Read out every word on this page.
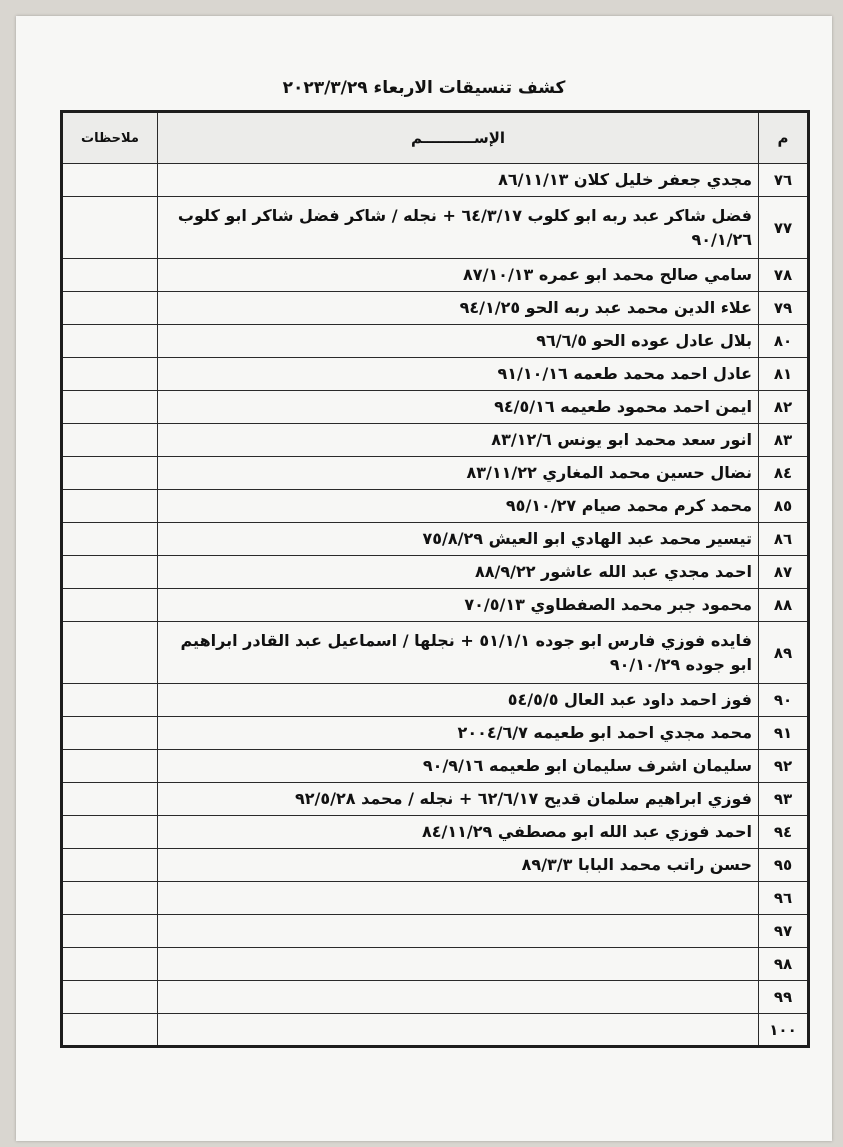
كشف تنسيقات الاربعاء ٢٠٢٣/٣/٢٩
م	الإســــــــــم	ملاحظات
٧٦	مجدي جعفر خليل كلان ٨٦/١١/١٣	
٧٧	فضل شاكر عبد ربه ابو كلوب ٦٤/٣/١٧ + نجله / شاكر فضل شاكر ابو كلوب ٩٠/١/٢٦	
٧٨	سامي صالح محمد ابو عمره ٨٧/١٠/١٣	
٧٩	علاء الدين محمد عبد ربه الحو ٩٤/١/٢٥	
٨٠	بلال عادل عوده الحو ٩٦/٦/٥	
٨١	عادل احمد محمد طعمه ٩١/١٠/١٦	
٨٢	ايمن احمد محمود طعيمه ٩٤/٥/١٦	
٨٣	انور سعد محمد ابو يونس ٨٣/١٢/٦	
٨٤	نضال حسين محمد المغاري ٨٣/١١/٢٢	
٨٥	محمد كرم محمد صيام ٩٥/١٠/٢٧	
٨٦	تيسير محمد عبد الهادي ابو العيش ٧٥/٨/٢٩	
٨٧	احمد مجدي عبد الله عاشور ٨٨/٩/٢٢	
٨٨	محمود جبر محمد الصفطاوي ٧٠/٥/١٣	
٨٩	فايده فوزي فارس ابو جوده ٥١/١/١ + نجلها / اسماعيل عبد القادر ابراهيم ابو جوده ٩٠/١٠/٢٩	
٩٠	فوز احمد داود عبد العال ٥٤/٥/٥	
٩١	محمد مجدي احمد ابو طعيمه ٢٠٠٤/٦/٧	
٩٢	سليمان اشرف سليمان ابو طعيمه ٩٠/٩/١٦	
٩٣	فوزي ابراهيم سلمان قديح ٦٢/٦/١٧ + نجله / محمد ٩٢/٥/٢٨	
٩٤	احمد فوزي عبد الله ابو مصطفي ٨٤/١١/٢٩	
٩٥	حسن راتب محمد البابا ٨٩/٣/٣	
٩٦		
٩٧		
٩٨		
٩٩		
١٠٠		
